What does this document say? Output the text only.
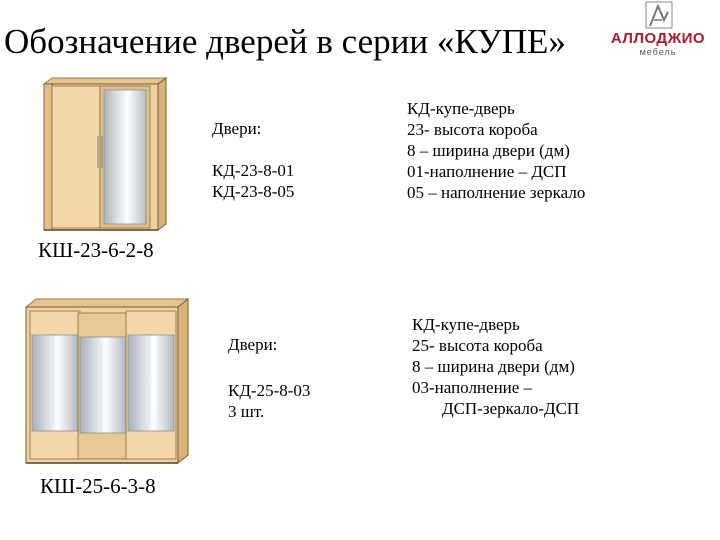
Обозначение дверей в серии «КУПЕ»	АЛЛОДЖИО
мебель
Двери:
КД-23-8-01
КД-23-8-05
КД-купе-дверь
23- высота короба
8 – ширина двери (дм)
01-наполнение – ДСП
05 – наполнение зеркало
КШ-23-6-2-8
Двери:
КД-25-8-03
3 шт.
КД-купе-дверь
25- высота короба
8 – ширина двери (дм)
03-наполнение –
ДСП-зеркало-ДСП
КШ-25-6-3-8
